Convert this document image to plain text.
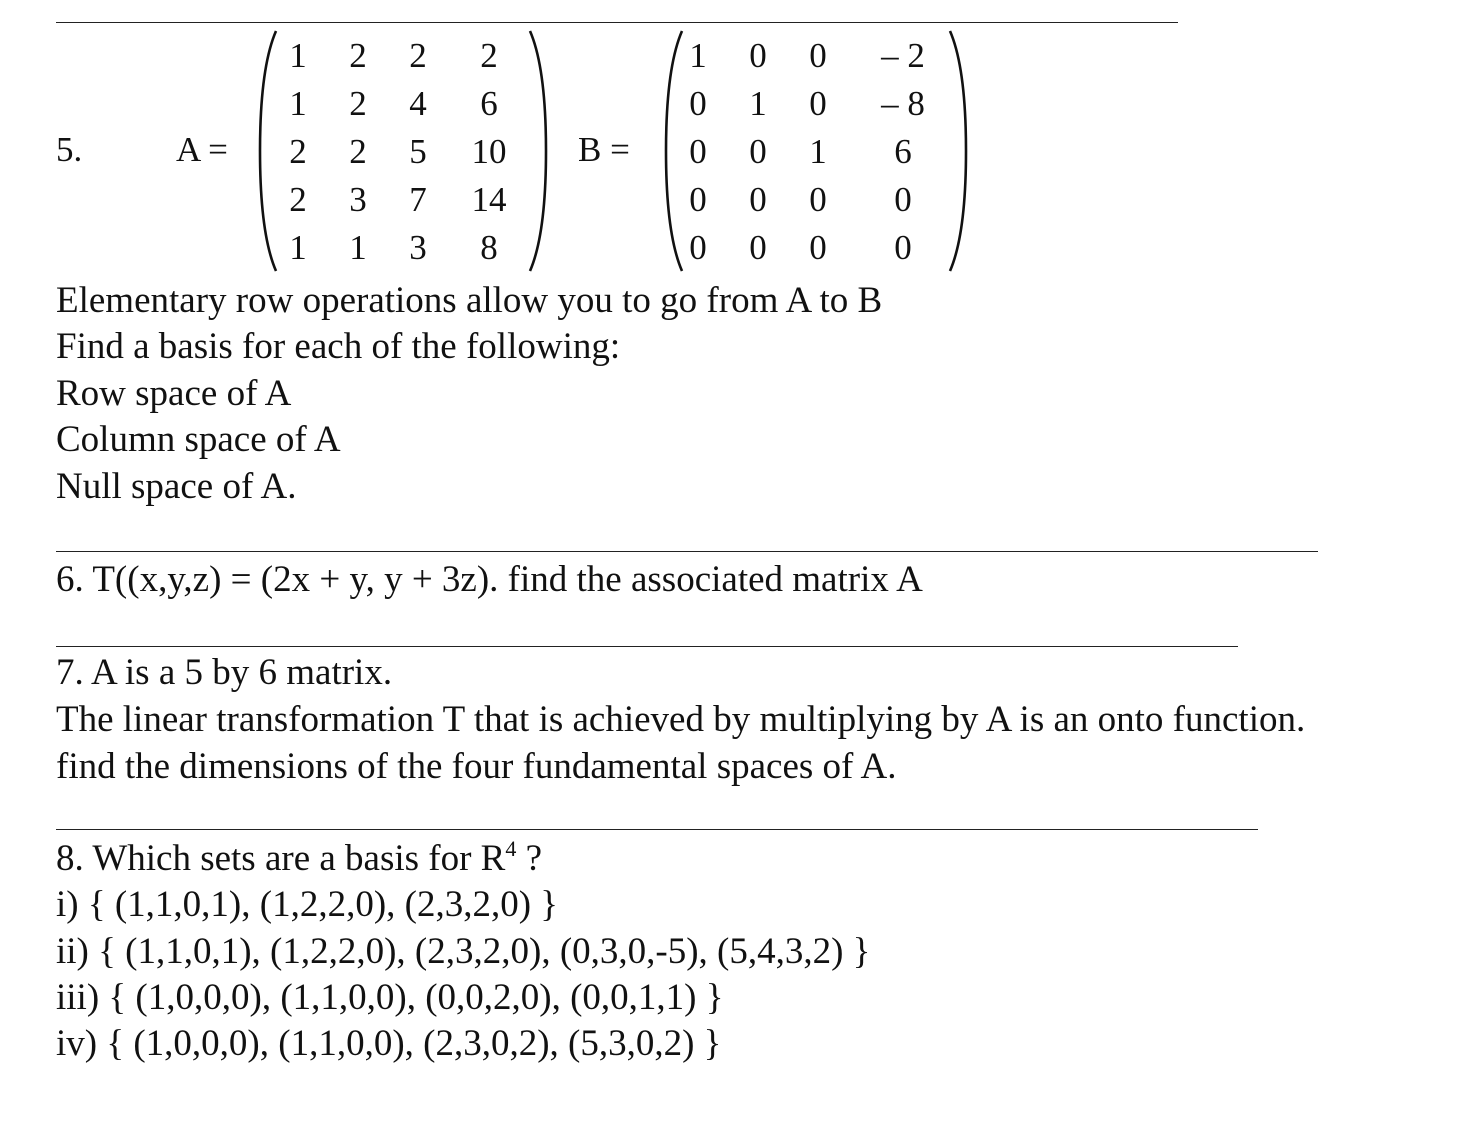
5.	A =
1	2	2	2
1	2	4	6
2	2	5	10
2	3	7	14
1	1	3	8
B =
1	0	0	– 2
0	1	0	– 8
0	0	1	6
0	0	0	0
0	0	0	0
Elementary row operations allow you to go from A to B
Find a basis for each of the following:
Row space of A
Column space of A
Null space of A.
6. T((x,y,z) = (2x + y, y + 3z). find the associated matrix A
7. A is a 5 by 6 matrix.
The linear transformation T that is achieved by multiplying by A is an onto function.
find the dimensions of the four fundamental spaces of A.
8. Which sets are a basis for $R^4$ ?
i) { (1,1,0,1), (1,2,2,0), (2,3,2,0) }
ii) { (1,1,0,1), (1,2,2,0), (2,3,2,0), (0,3,0,-5), (5,4,3,2) }
iii) { (1,0,0,0), (1,1,0,0), (0,0,2,0), (0,0,1,1) }
iv) { (1,0,0,0), (1,1,0,0), (2,3,0,2), (5,3,0,2) }
